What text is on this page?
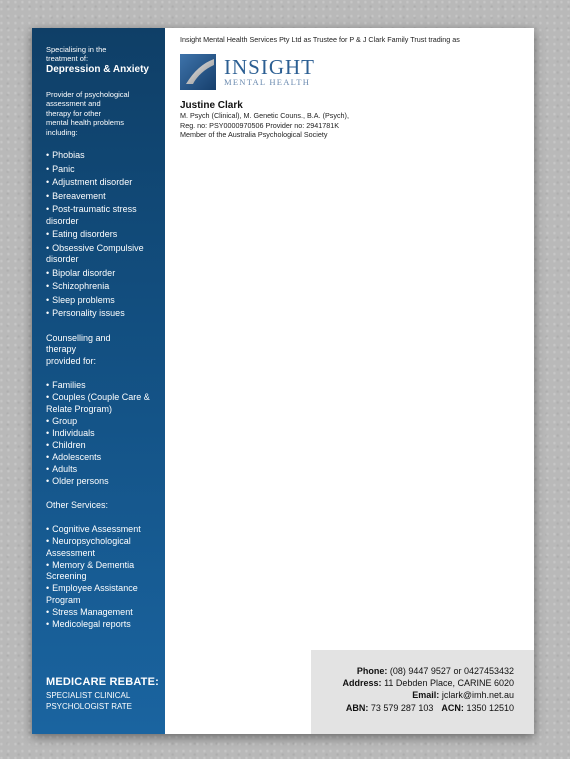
Specialising in the
treatment of:
Depression & Anxiety
Provider of psychological
assessment and
therapy for other
mental health problems
including:
• Phobias
• Panic
• Adjustment disorder
• Bereavement
• Post-traumatic stress disorder
• Eating disorders
• Obsessive Compulsive disorder
• Bipolar disorder
• Schizophrenia
• Sleep problems
• Personality issues
Counselling and
therapy
provided for:
• Families
• Couples (Couple Care & Relate Program)
• Group
• Individuals
• Children
• Adolescents
• Adults
• Older persons
Other Services:
• Cognitive Assessment
• Neuropsychological Assessment
• Memory & Dementia Screening
• Employee Assistance Program
• Stress Management
• Medicolegal reports
MEDICARE REBATE:
SPECIALIST CLINICAL
PSYCHOLOGIST RATE
Insight Mental Health Services Pty Ltd as Trustee for P & J Clark Family Trust trading as
INSIGHT
MENTAL HEALTH
Justine Clark
M. Psych (Clinical), M. Genetic Couns., B.A. (Psych),
Reg. no: PSY0000970506 Provider no: 2941781K
Member of the Australia Psychological Society
Phone: (08) 9447 9527 or 0427453432
Address: 11 Debden Place, CARINE 6020
Email: jclark@imh.net.au
ABN: 73 579 287 103 ACN: 1350 12510
